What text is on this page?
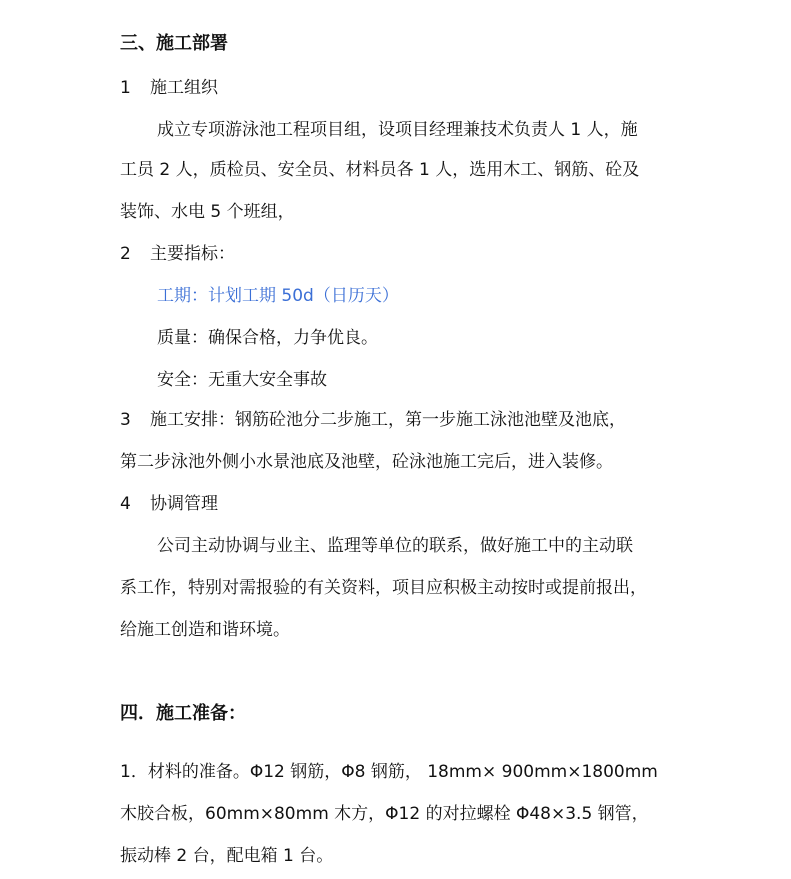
三、施工部署
1 施工组织
成立专项游泳池工程项目组，设项目经理兼技术负责人 1 人，施
工员 2 人，质检员、安全员、材料员各 1 人，选用木工、钢筋、砼及
装饰、水电 5 个班组，
2 主要指标：
工期：计划工期 50d（日历天）
质量：确保合格，力争优良。
安全：无重大安全事故
3 施工安排：钢筋砼池分二步施工，第一步施工泳池池壁及池底，
第二步泳池外侧小水景池底及池壁，砼泳池施工完后，进入装修。
4 协调管理
公司主动协调与业主、监理等单位的联系，做好施工中的主动联
系工作，特别对需报验的有关资料，项目应积极主动按时或提前报出，
给施工创造和谐环境。
四．施工准备：
1．材料的准备。Φ12 钢筋，Φ8 钢筋， 18mm× 900mm×1800mm
木胶合板，60mm×80mm 木方，Φ12 的对拉螺栓 Φ48×3.5 钢管，
振动棒 2 台，配电箱 1 台。
